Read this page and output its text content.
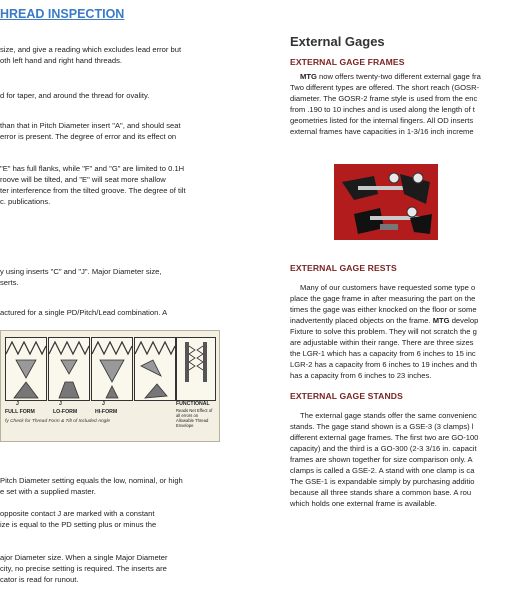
HREAD INSPECTION
size, and give a reading which excludes lead error but
oth left hand and right hand threads.
d for taper, and around the thread for ovality.
than that in Pitch Diameter insert "A", and should seat
error is present. The degree of error and its effect on
"E" has full flanks, while "F" and "G" are limited to 0.1H
roove will be tilted, and "E" will seat more shallow
ter interference from the tilted groove. The degree of tilt
c. publications.
y using inserts "C" and "J". Major Diameter size,
serts.
actured for a single PD/Pitch/Lead combination. A
J	J	J
FULL FORM	LO-FORM	HI-FORM
FUNCTIONAL
Reads Net Effect of all errors on Allowable Thread Envelope
fy Check for Thread Form & Tilt of Included Angle
Pitch Diameter setting equals the low, nominal, or high
e set with a supplied master.
opposite contact J are marked with a constant
ize is equal to the PD setting plus or minus the
ajor Diameter size. When a single Major Diameter
city, no precise setting is required. The inserts are
cator is read for runout.
External Gages
EXTERNAL GAGE FRAMES
MTG now offers twenty-two different external gage fra
Two different types are offered. The short reach (GOSR-
diameter. The GOSR-2 frame style is used from the enc
from .190 to 10 inches and is used along the length of t
geometries listed for the internal fingers. All OD inserts
external frames have capacities in 1-3/16 inch increme
EXTERNAL GAGE RESTS
Many of our customers have requested some type o
place the gage frame in after measuring the part on the
times the gage was either knocked on the floor or some
inadvertently placed objects on the frame. MTG develop
Fixture to solve this problem. They will not scratch the g
are adjustable within their range. There are three sizes
the LGR-1 which has a capacity from 6 inches to 15 inc
LGR-2 has a capacity from 6 inches to 19 inches and th
has a capacity from 6 inches to 23 inches.
EXTERNAL GAGE STANDS
The external gage stands offer the same convenienc
stands. The gage stand shown is a GSE-3 (3 clamps) l
different external gage frames. The first two are GO-100
capacity) and the third is a GO-300 (2-3 3/16 in. capacit
frames are shown together for size comparison only. A
clamps is called a GSE-2. A stand with one clamp is ca
The GSE-1 is expandable simply by purchasing additio
because all three stands share a common base. A rou
which holds one external frame is available.
